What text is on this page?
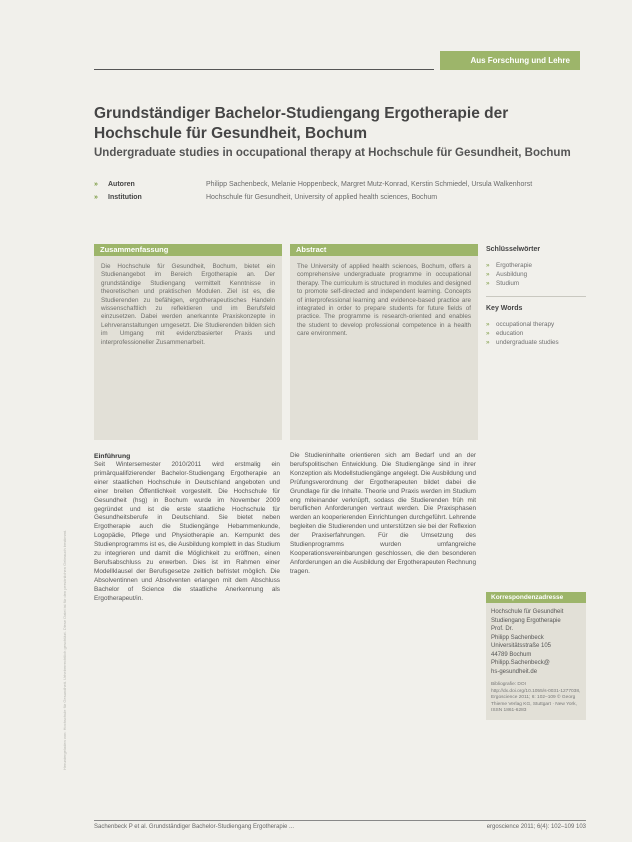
Heruntergeladen von: Hochschule für Gesundheit. Urheberrechtlich geschützt. Diese Datei ist für den persönlichen Gebrauch bestimmt.
Aus Forschung und Lehre
Grundständiger Bachelor-Studiengang Ergotherapie der Hochschule für Gesundheit, Bochum
Undergraduate studies in occupational therapy at Hochschule für Gesundheit, Bochum
»	Autoren	Philipp Sachenbeck, Melanie Hoppenbeck, Margret Mutz-Konrad, Kerstin Schmiedel, Ursula Walkenhorst
»	Institution	Hochschule für Gesundheit, University of applied health sciences, Bochum
Zusammenfassung
Die Hochschule für Gesundheit, Bochum, bietet ein Studienangebot im Bereich Ergotherapie an. Der grundständige Studiengang vermittelt Kenntnisse in theoretischen und praktischen Modulen. Ziel ist es, die Studierenden zu befähigen, ergotherapeutisches Handeln wissenschaftlich zu reflektieren und im Berufsfeld einzusetzen. Dabei werden anerkannte Praxiskonzepte in Lehrveranstaltungen umgesetzt. Die Studierenden bilden sich im Umgang mit evidenzbasierter Praxis und interprofessioneller Zusammenarbeit.
Abstract
The University of applied health sciences, Bochum, offers a comprehensive undergraduate programme in occupational therapy. The curriculum is structured in modules and designed to promote self-directed and independent learning. Concepts of interprofessional learning and evidence-based practice are integrated in order to prepare students for future fields of practice. The programme is research-oriented and enables the student to develop professional competence in a health care environment.
Schlüsselwörter
»	Ergotherapie
»	Ausbildung
»	Studium
Key Words
»	occupational therapy
»	education
»	undergraduate studies
Einführung
Seit Wintersemester 2010/2011 wird erstmalig ein primärqualifizierender Bachelor-Studiengang Ergotherapie an einer staatlichen Hochschule in Deutschland angeboten und einer breiten Öffentlichkeit vorgestellt. Die Hochschule für Gesundheit (hsg) in Bochum wurde im November 2009 gegründet und ist die erste staatliche Hochschule für Gesundheitsberufe in Deutschland. Sie bietet neben Ergotherapie auch die Studiengänge Hebammenkunde, Logopädie, Pflege und Physiotherapie an. Kernpunkt des Studienprogramms ist es, die Ausbildung komplett in das Studium zu integrieren und damit die Möglichkeit zu eröffnen, einen Berufsabschluss zu erwerben. Dies ist im Rahmen einer Modellklausel der Berufsgesetze zeitlich befristet möglich. Die Absolventinnen und Absolventen erlangen mit dem Abschluss Bachelor of Science die staatliche Anerkennung als Ergotherapeut/in.
Die Studieninhalte orientieren sich am Bedarf und an der berufspolitischen Entwicklung. Die Studiengänge sind in ihrer Konzeption als Modellstudiengänge angelegt. Die Ausbildung und Prüfungsverordnung der Ergotherapeuten bildet dabei die Grundlage für die Inhalte. Theorie und Praxis werden im Studium eng miteinander verknüpft, sodass die Studierenden früh mit beruflichen Anforderungen vertraut werden. Die Praxisphasen werden an kooperierenden Einrichtungen durchgeführt. Lehrende begleiten die Studierenden und unterstützen sie bei der Reflexion der Praxiserfahrungen. Für die Umsetzung des Studienprogramms wurden umfangreiche Kooperationsvereinbarungen geschlossen, die den besonderen Anforderungen an die Ausbildung der Ergotherapeuten Rechnung tragen.
Korrespondenzadresse
Hochschule für Gesundheit
Studiengang Ergotherapie
Prof. Dr.
Philipp Sachenbeck
Universitätsstraße 105
44789 Bochum
Philipp.Sachenbeck@
hs-gesundheit.de
Bibliografie: DOI http://dx.doi.org/10.1055/s-0031-1277038, Ergoscience 2011; 6: 102–109 © Georg Thieme Verlag KG, Stuttgart · New York, ISSN 1861-6283
Sachenbeck P et al. Grundständiger Bachelor-Studiengang Ergotherapie ...	ergoscience 2011; 6(4): 102–109 103
